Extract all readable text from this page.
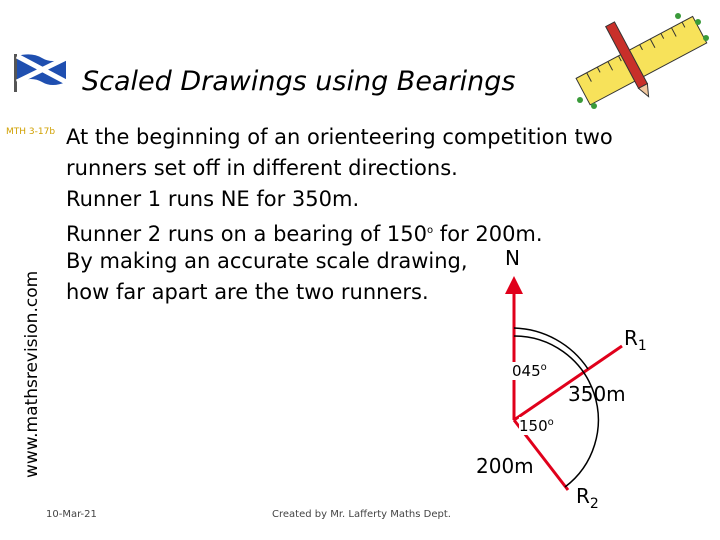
Scaled Drawings using Bearings
www.mathsrevision.com
MTH 3-17b At the beginning of an orienteering competition two
runners set off in different directions.
Runner 1 runs NE for 350m.
Runner 2 runs on a bearing of 150$^o$ for 200m.
By making an accurate scale drawing,
how far apart are the two runners.
N
$R_1$
045$^o$
350m
150$^o$
200m
$R_2$
10-Mar-21	Created by Mr. Lafferty Maths Dept.
